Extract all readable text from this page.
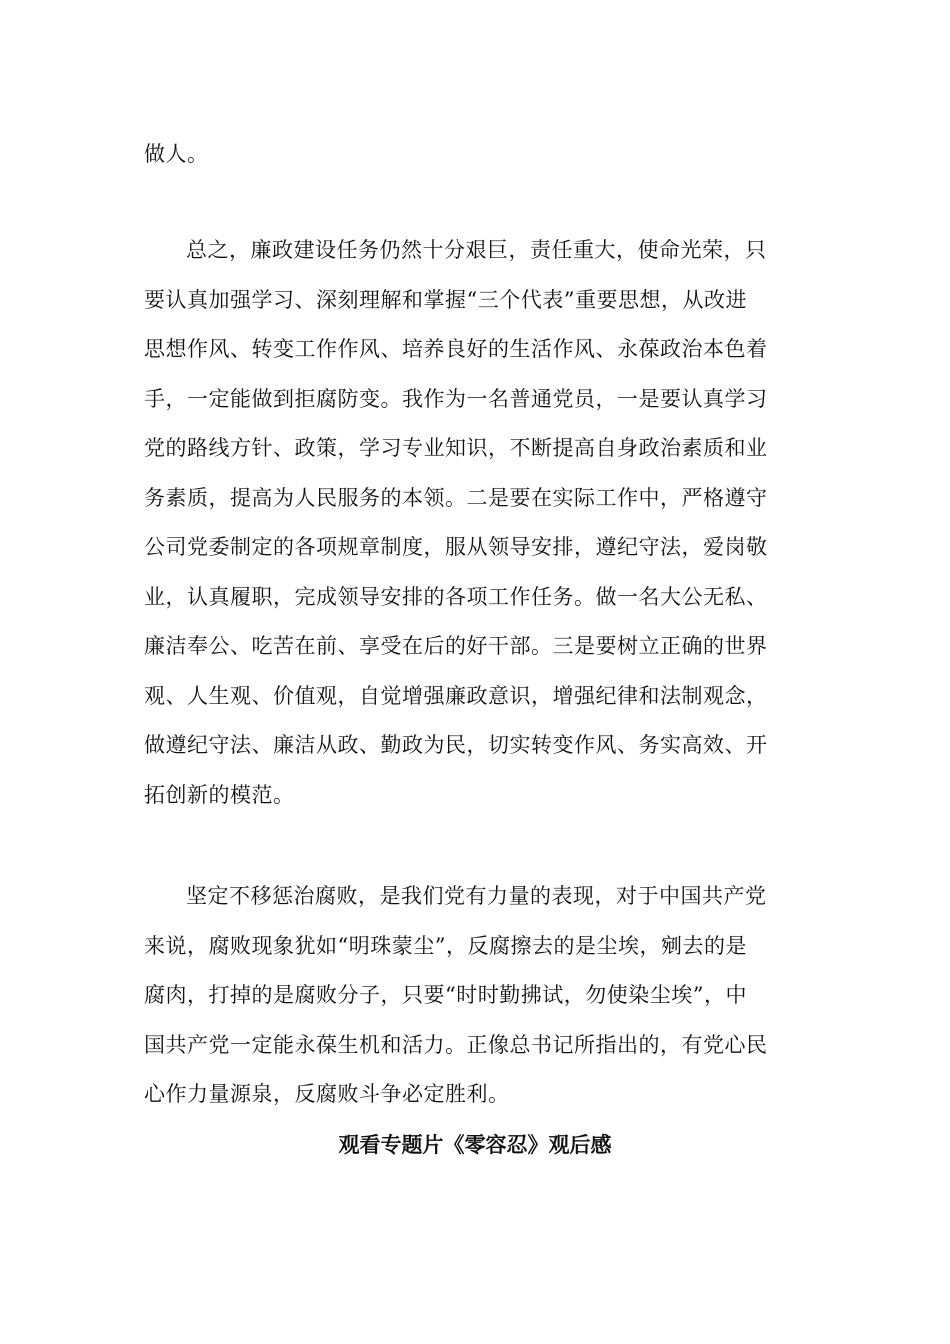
做人。
总之，廉政建设任务仍然十分艰巨，责任重大，使命光荣，只
要认真加强学习、深刻理解和掌握“三个代表”重要思想，从改进
思想作风、转变工作作风、培养良好的生活作风、永葆政治本色着
手，一定能做到拒腐防变。我作为一名普通党员，一是要认真学习
党的路线方针、政策，学习专业知识，不断提高自身政治素质和业
务素质，提高为人民服务的本领。二是要在实际工作中，严格遵守
公司党委制定的各项规章制度，服从领导安排，遵纪守法，爱岗敬
业，认真履职，完成领导安排的各项工作任务。做一名大公无私、
廉洁奉公、吃苦在前、享受在后的好干部。三是要树立正确的世界
观、人生观、价值观，自觉增强廉政意识，增强纪律和法制观念，
做遵纪守法、廉洁从政、勤政为民，切实转变作风、务实高效、开
拓创新的模范。
坚定不移惩治腐败，是我们党有力量的表现，对于中国共产党
来说，腐败现象犹如“明珠蒙尘”，反腐擦去的是尘埃，剜去的是
腐肉，打掉的是腐败分子，只要“时时勤拂试，勿使染尘埃”，中
国共产党一定能永葆生机和活力。正像总书记所指出的，有党心民
心作力量源泉，反腐败斗争必定胜利。
观看专题片《零容忍》观后感
